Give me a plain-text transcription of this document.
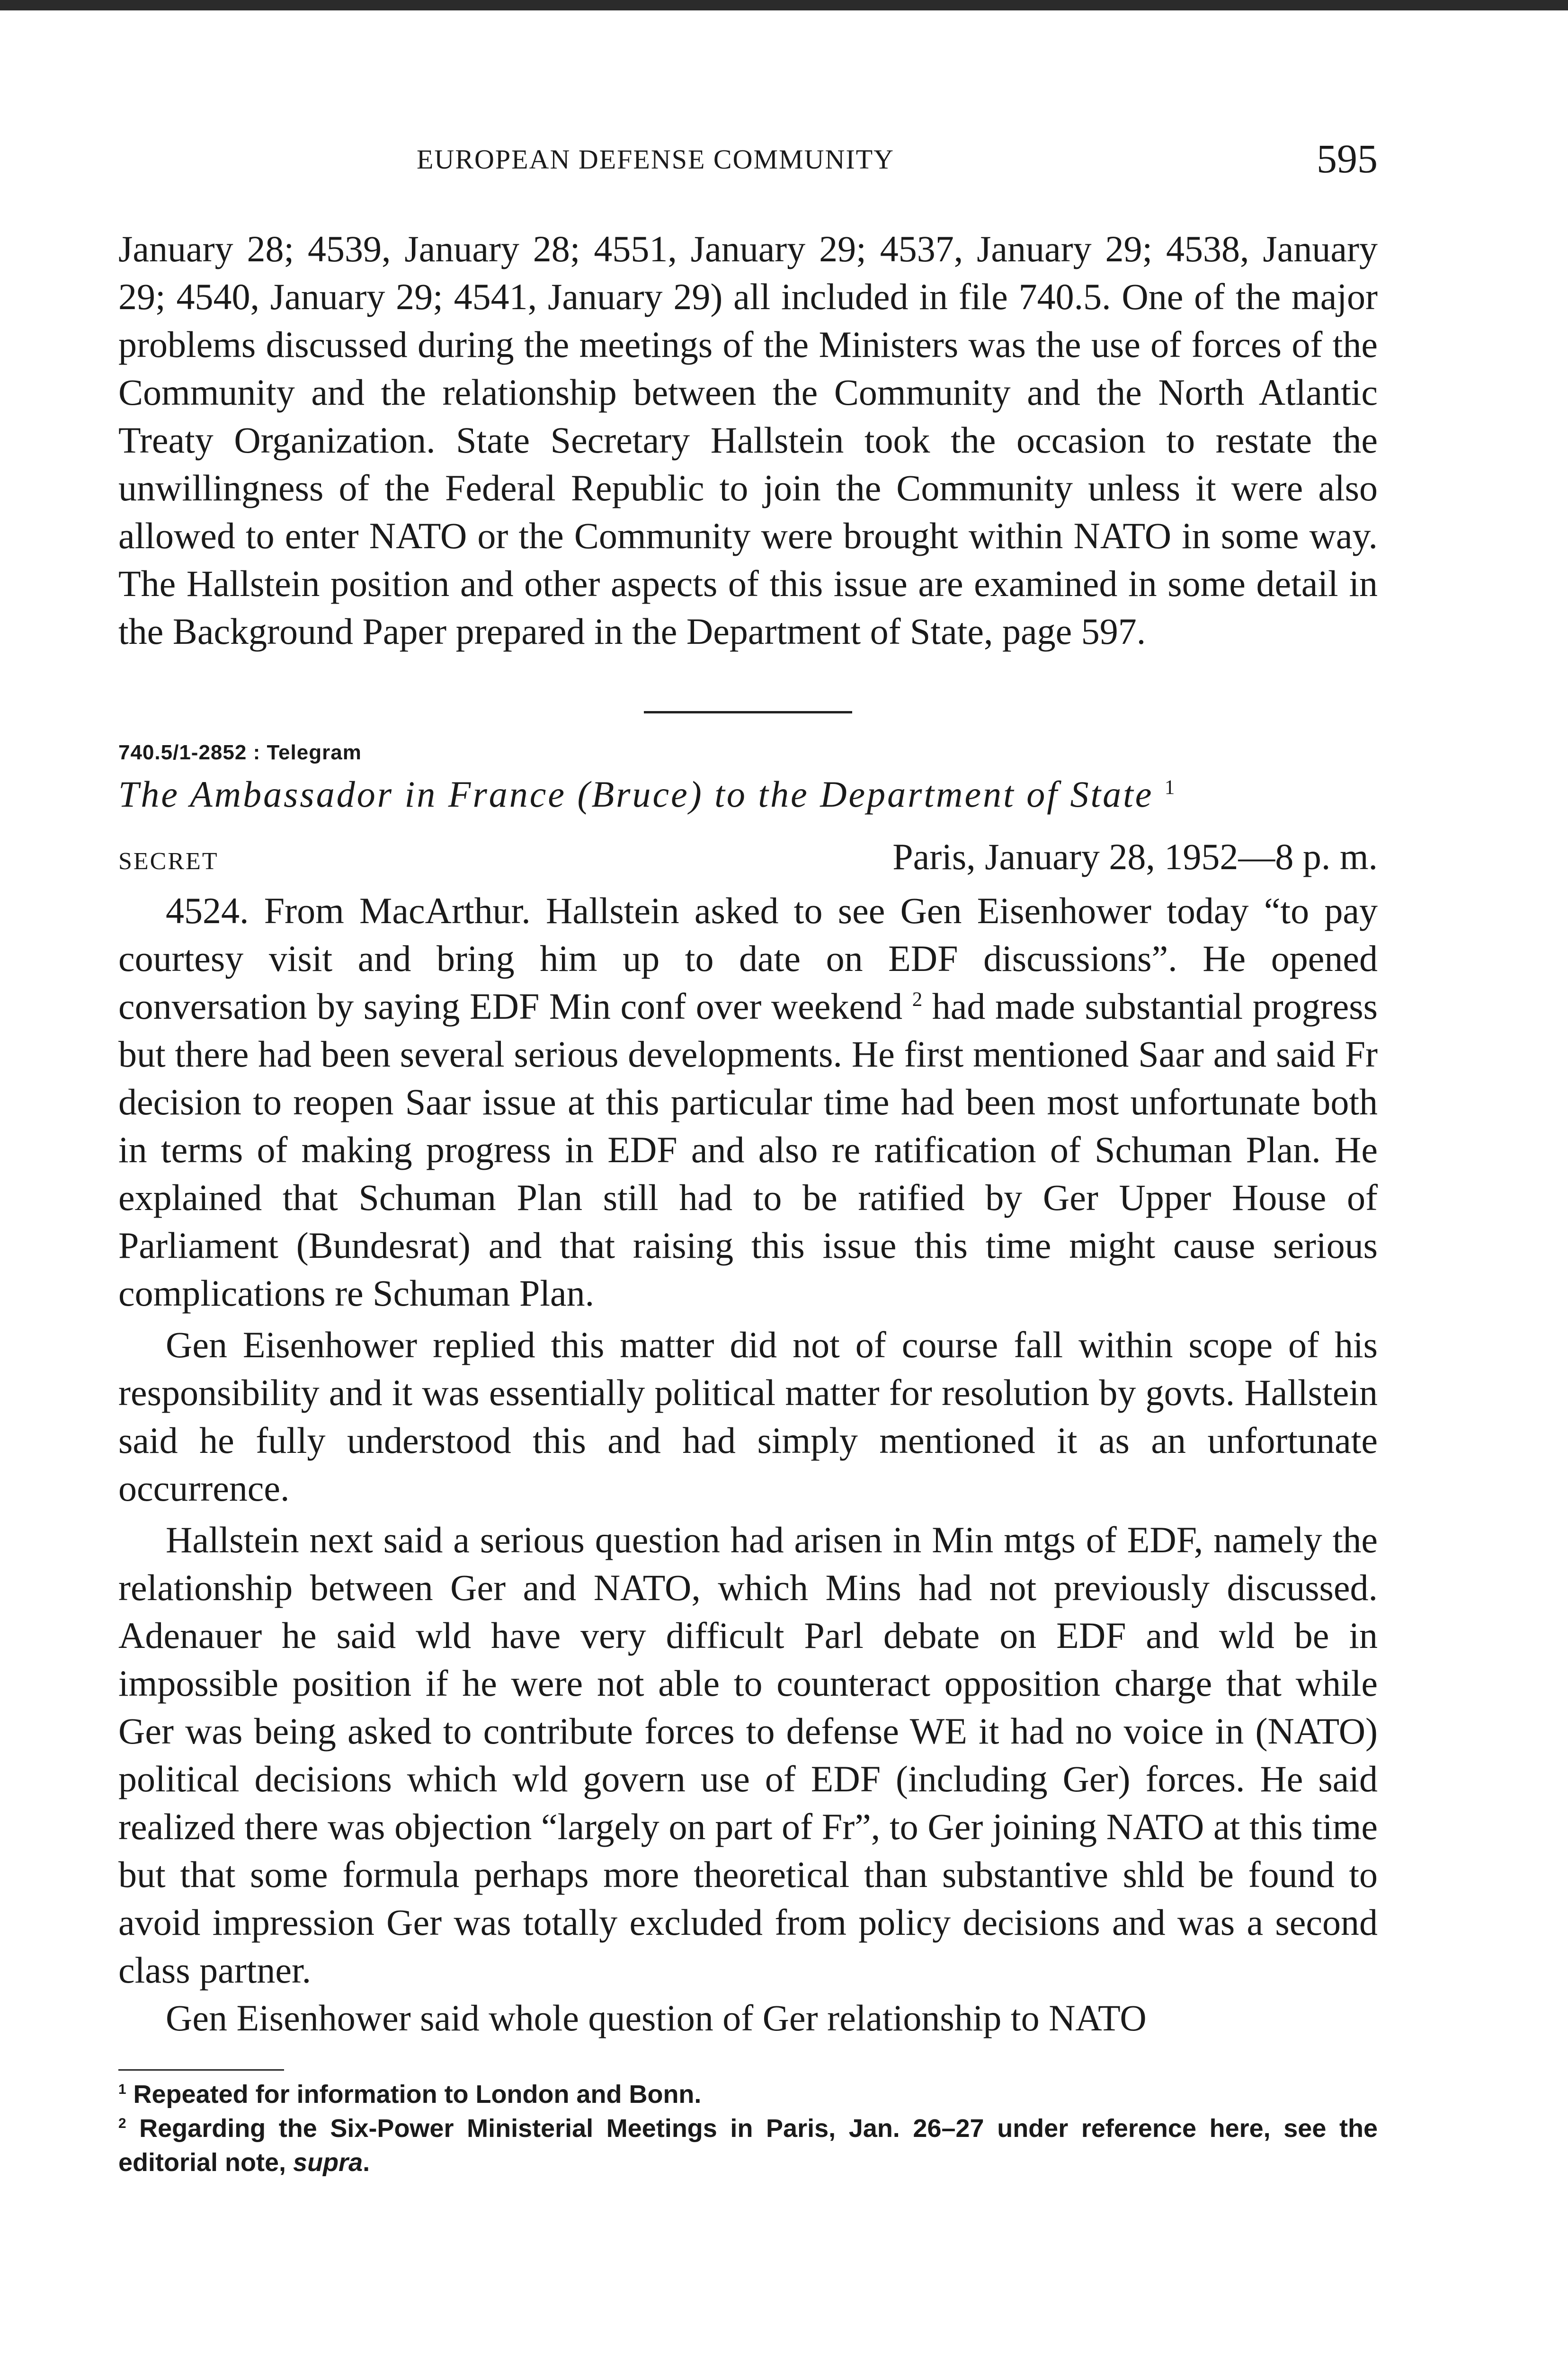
EUROPEAN DEFENSE COMMUNITY	595

January 28; 4539, January 28; 4551, January 29; 4537, January 29; 4538, January 29; 4540, January 29; 4541, January 29) all included in file 740.5. One of the major problems discussed during the meetings of the Ministers was the use of forces of the Community and the relationship between the Community and the North Atlantic Treaty Organization. State Secretary Hallstein took the occasion to restate the unwillingness of the Federal Republic to join the Community unless it were also allowed to enter NATO or the Community were brought within NATO in some way. The Hallstein position and other aspects of this issue are examined in some detail in the Background Paper prepared in the Department of State, page 597.

740.5/1-2852 : Telegram
The Ambassador in France (Bruce) to the Department of State $^1$
SECRET	Paris, January 28, 1952—8 p. m.

4524. From MacArthur. Hallstein asked to see Gen Eisenhower today “to pay courtesy visit and bring him up to date on EDF discussions”. He opened conversation by saying EDF Min conf over weekend $^2$ had made substantial progress but there had been several serious developments. He first mentioned Saar and said Fr decision to reopen Saar issue at this particular time had been most unfortunate both in terms of making progress in EDF and also re ratification of Schuman Plan. He explained that Schuman Plan still had to be ratified by Ger Upper House of Parliament (Bundesrat) and that raising this issue this time might cause serious complications re Schuman Plan.

Gen Eisenhower replied this matter did not of course fall within scope of his responsibility and it was essentially political matter for resolution by govts. Hallstein said he fully understood this and had simply mentioned it as an unfortunate occurrence.

Hallstein next said a serious question had arisen in Min mtgs of EDF, namely the relationship between Ger and NATO, which Mins had not previously discussed. Adenauer he said wld have very difficult Parl debate on EDF and wld be in impossible position if he were not able to counteract opposition charge that while Ger was being asked to contribute forces to defense WE it had no voice in (NATO) political decisions which wld govern use of EDF (including Ger) forces. He said realized there was objection “largely on part of Fr”, to Ger joining NATO at this time but that some formula perhaps more theoretical than substantive shld be found to avoid impression Ger was totally excluded from policy decisions and was a second class partner.

Gen Eisenhower said whole question of Ger relationship to NATO

$^1$ Repeated for information to London and Bonn.

$^2$ Regarding the Six-Power Ministerial Meetings in Paris, Jan. 26–27 under reference here, see the editorial note, supra.
